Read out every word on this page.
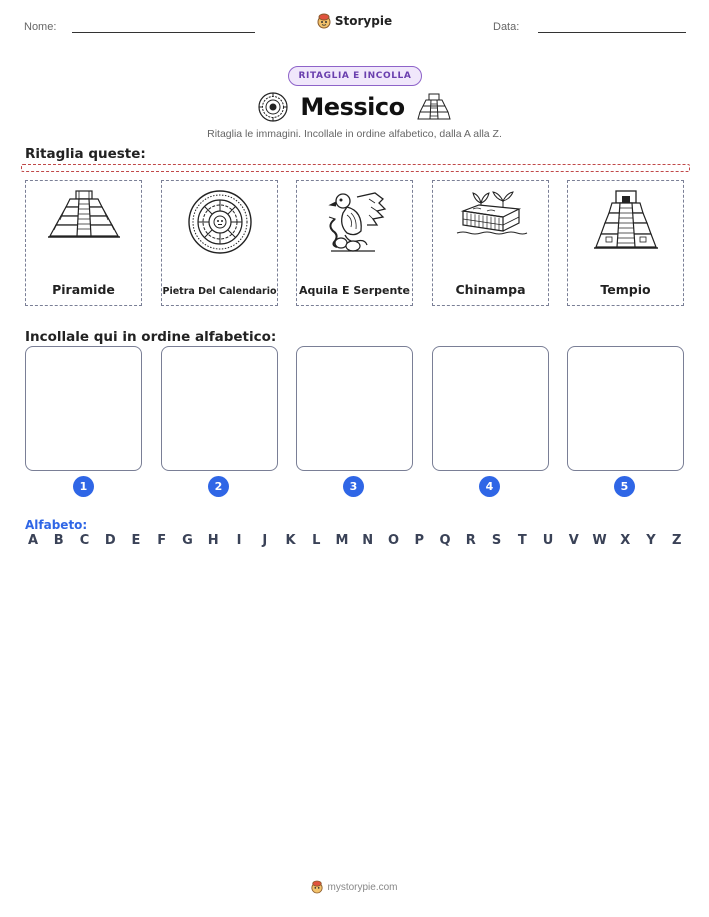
Nome:	Storypie	Data:
RITAGLIA E INCOLLA
Messico
Ritaglia le immagini. Incollale in ordine alfabetico, dalla A alla Z.
Ritaglia queste:
Piramide	Pietra Del Calendario Aquila E Serpente	Chinampa	Tempio
Incollale qui in ordine alfabetico:
1	2	3	4	5
Alfabeto:
A B C D E F G H	I	J	K L M N O P Q R S T U V W X Y Z
mystorypie.com
